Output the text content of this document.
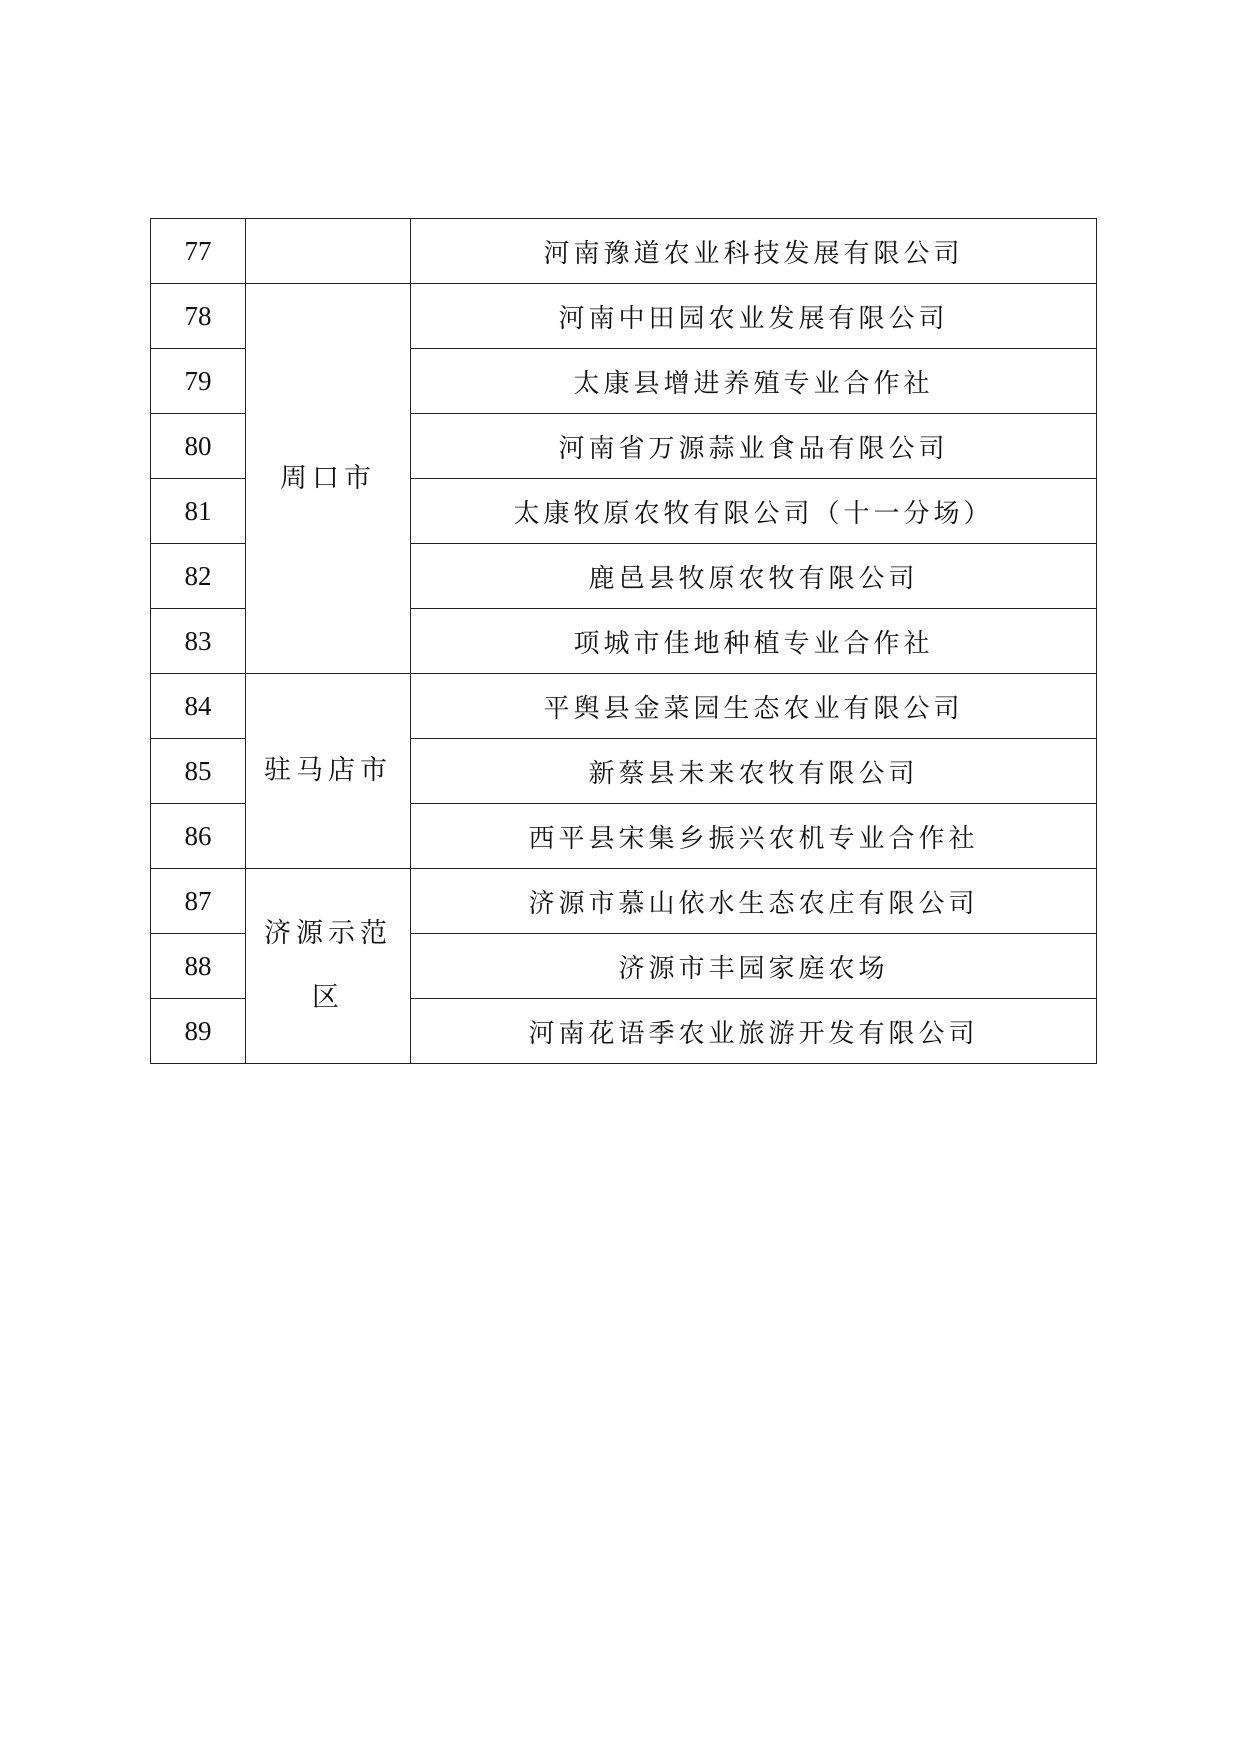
77		河南豫道农业科技发展有限公司
78	周口市	河南中田园农业发展有限公司
79		太康县增进养殖专业合作社
80		河南省万源蒜业食品有限公司
81		太康牧原农牧有限公司（十一分场）
82		鹿邑县牧原农牧有限公司
83		项城市佳地种植专业合作社
84	驻马店市	平舆县金菜园生态农业有限公司
85		新蔡县未来农牧有限公司
86		西平县宋集乡振兴农机专业合作社
87	济源示范区	济源市慕山依水生态农庄有限公司
88		济源市丰园家庭农场
89		河南花语季农业旅游开发有限公司
